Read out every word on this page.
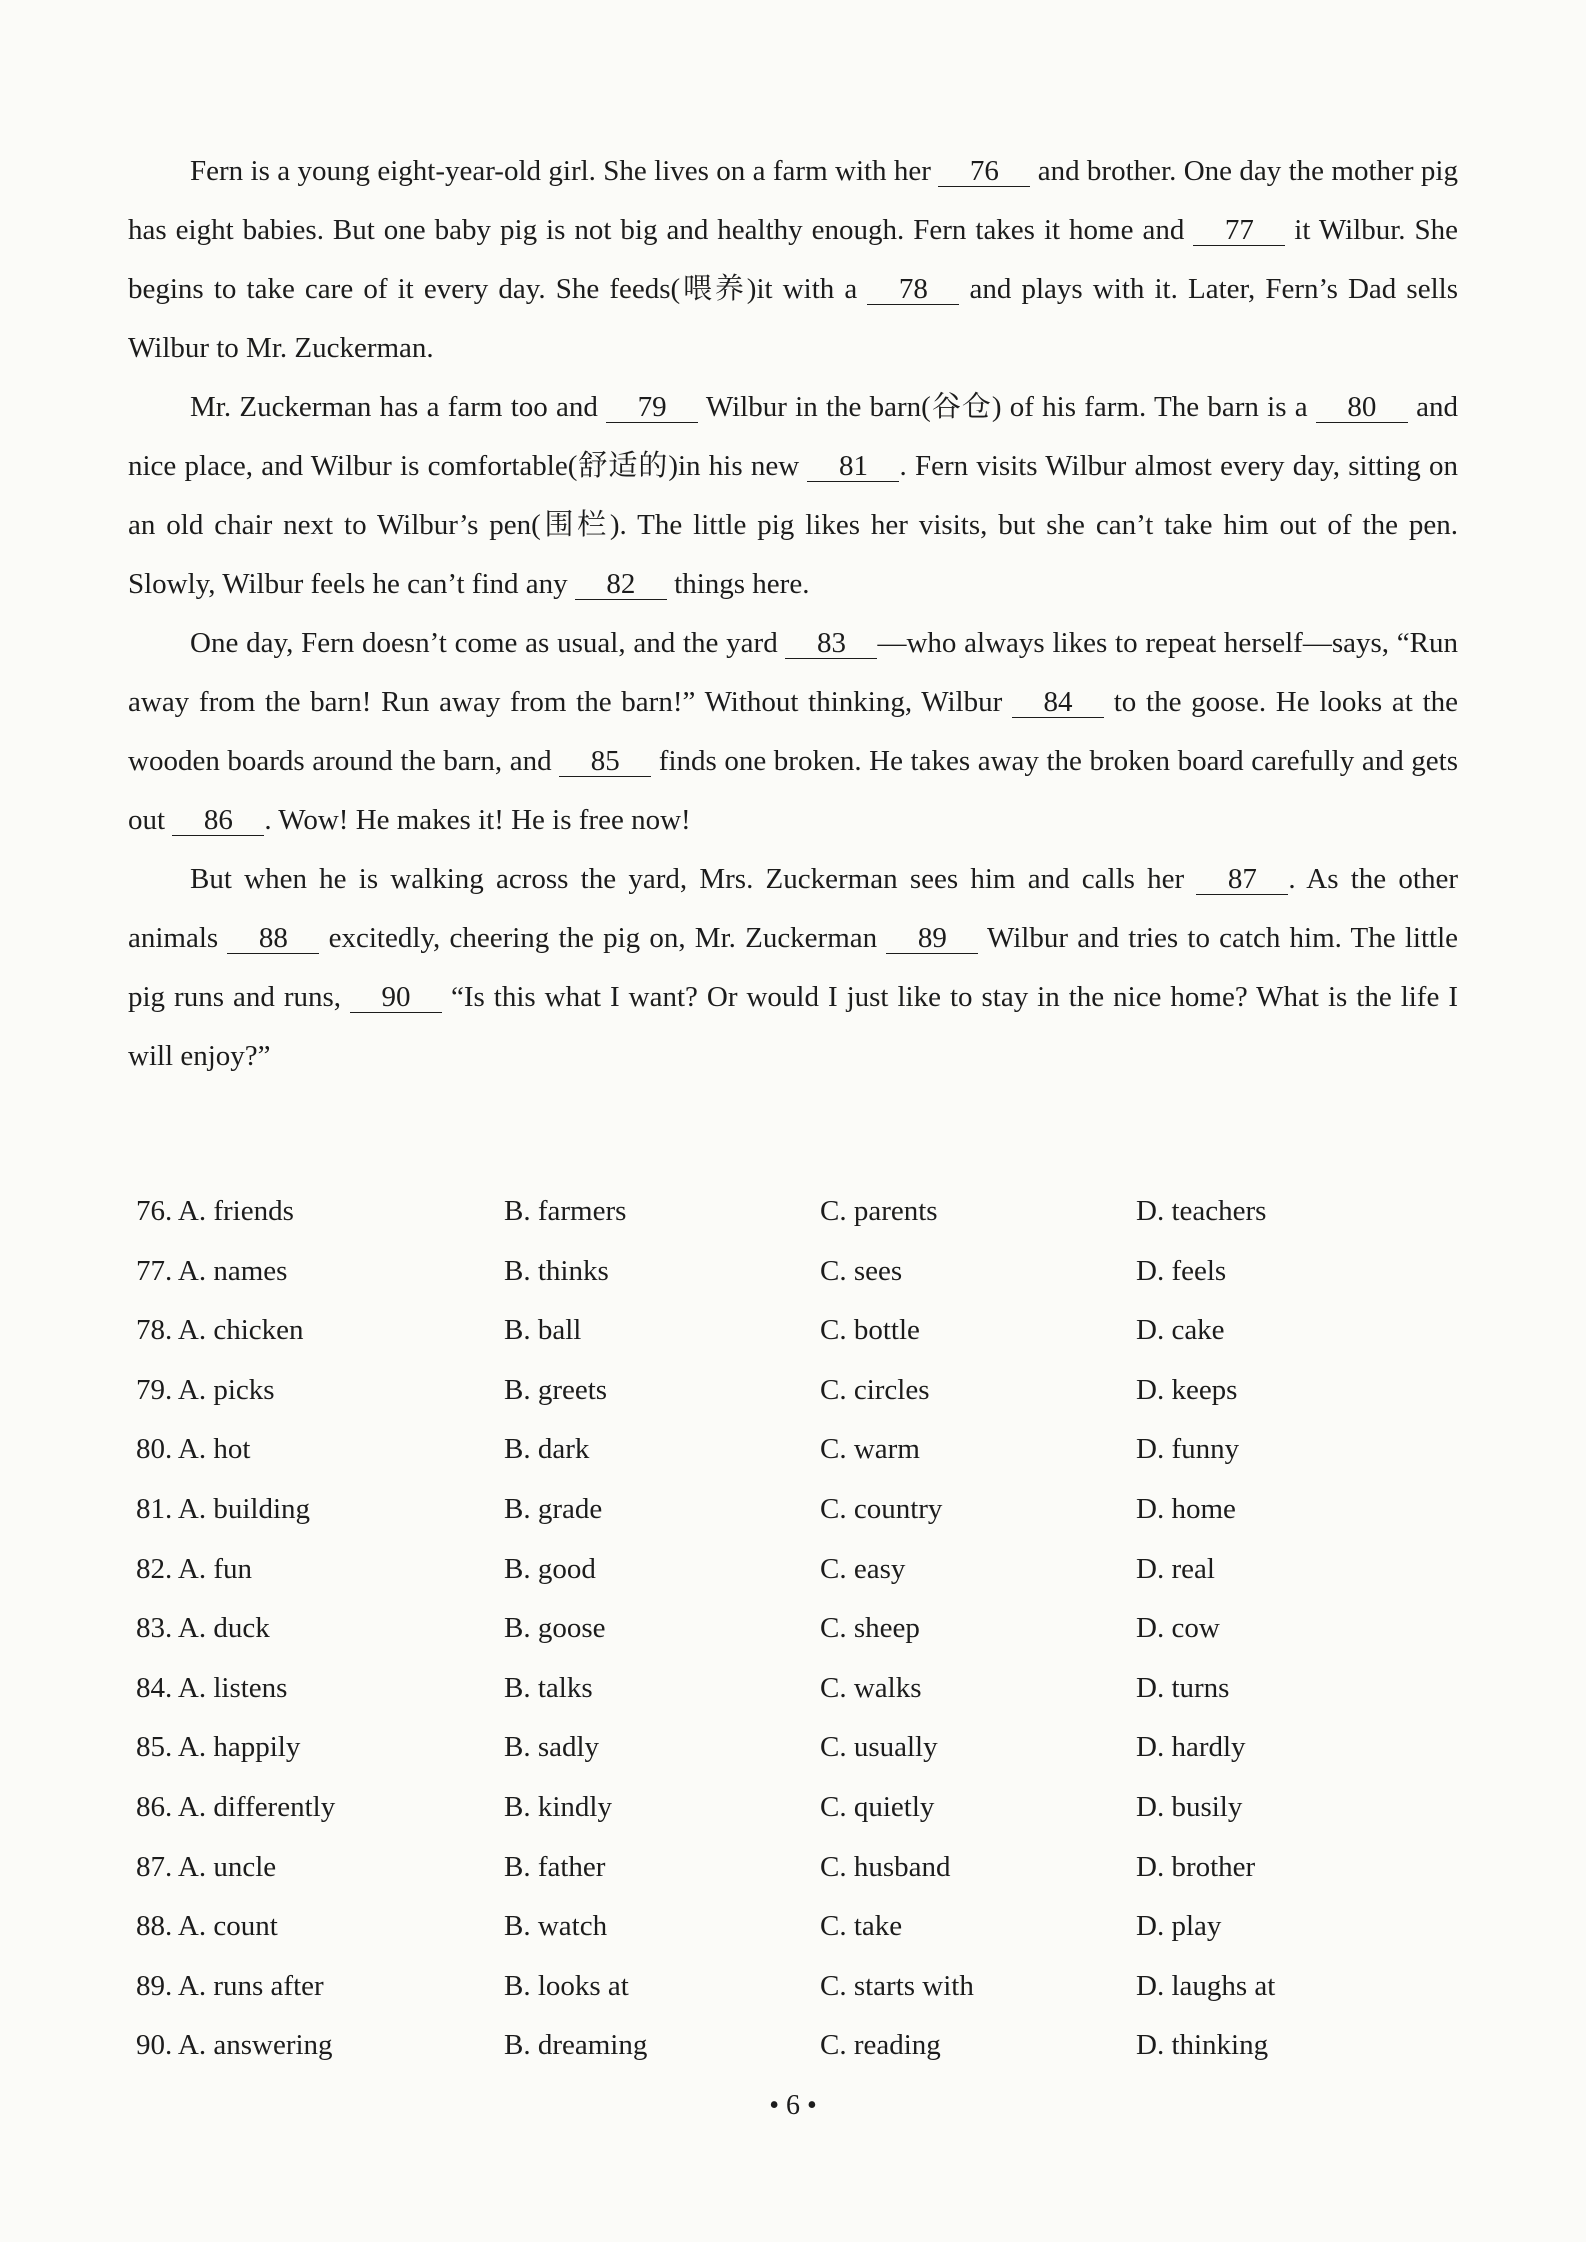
Fern is a young eight-year-old girl. She lives on a farm with her 76 and brother. One day the mother pig has eight babies. But one baby pig is not big and healthy enough. Fern takes it home and 77 it Wilbur. She begins to take care of it every day. She feeds(喂养)it with a 78 and plays with it. Later, Fern’s Dad sells Wilbur to Mr. Zuckerman.

Mr. Zuckerman has a farm too and 79 Wilbur in the barn(谷仓) of his farm. The barn is a 80 and nice place, and Wilbur is comfortable(舒适的)in his new 81 . Fern visits Wilbur almost every day, sitting on an old chair next to Wilbur’s pen(围栏). The little pig likes her visits, but she can’t take him out of the pen. Slowly, Wilbur feels he can’t find any 82 things here.

One day, Fern doesn’t come as usual, and the yard 83 —who always likes to repeat herself—says, “Run away from the barn! Run away from the barn!” Without thinking, Wilbur 84 to the goose. He looks at the wooden boards around the barn, and 85 finds one broken. He takes away the broken board carefully and gets out 86 . Wow! He makes it! He is free now!

But when he is walking across the yard, Mrs. Zuckerman sees him and calls her 87 . As the other animals 88 excitedly, cheering the pig on, Mr. Zuckerman 89 Wilbur and tries to catch him. The little pig runs and runs, 90 “Is this what I want? Or would I just like to stay in the nice home? What is the life I will enjoy?”

76. A. friends	B. farmers	C. parents	D. teachers
77. A. names	B. thinks	C. sees	D. feels
78. A. chicken	B. ball	C. bottle	D. cake
79. A. picks	B. greets	C. circles	D. keeps
80. A. hot	B. dark	C. warm	D. funny
81. A. building	B. grade	C. country	D. home
82. A. fun	B. good	C. easy	D. real
83. A. duck	B. goose	C. sheep	D. cow
84. A. listens	B. talks	C. walks	D. turns
85. A. happily	B. sadly	C. usually	D. hardly
86. A. differently	B. kindly	C. quietly	D. busily
87. A. uncle	B. father	C. husband	D. brother
88. A. count	B. watch	C. take	D. play
89. A. runs after	B. looks at	C. starts with	D. laughs at
90. A. answering	B. dreaming	C. reading	D. thinking
• 6 •
